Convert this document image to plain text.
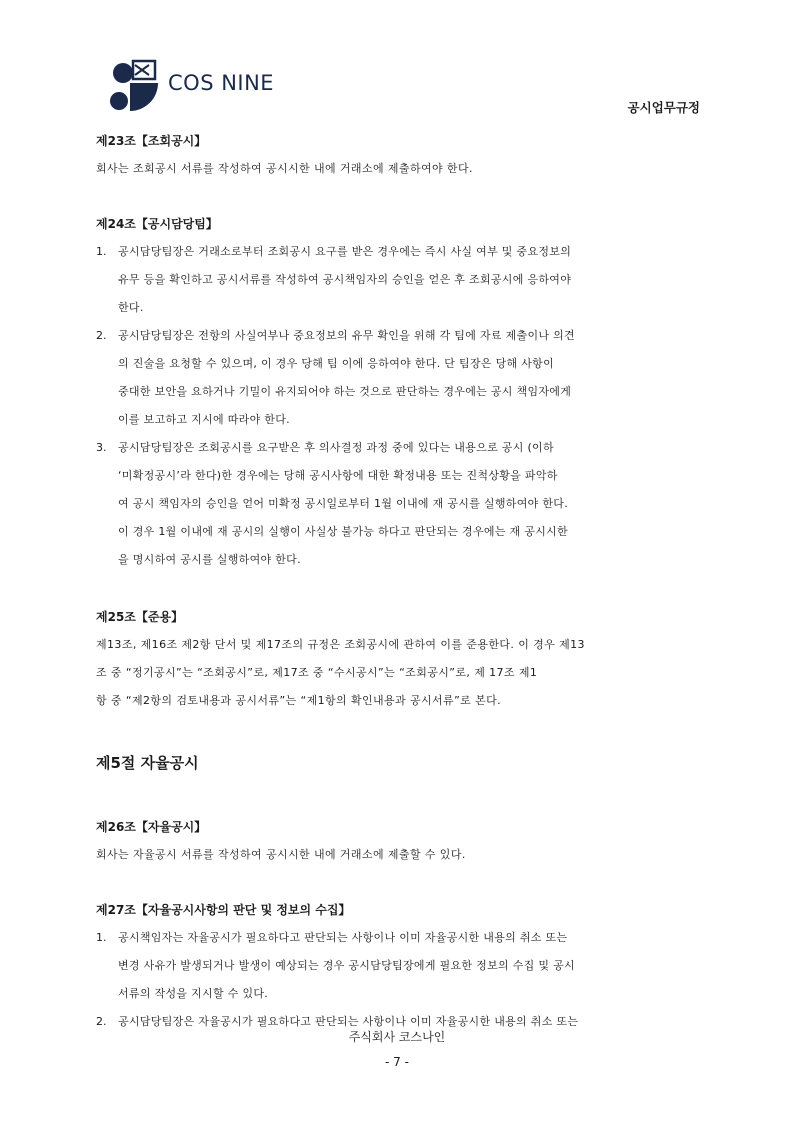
COS NINE
공시업무규정
제23조【조회공시】
회사는 조회공시 서류를 작성하여 공시시한 내에 거래소에 제출하여야 한다.
제24조【공시담당팀】
1. 공시담당팀장은 거래소로부터 조회공시 요구를 받은 경우에는 즉시 사실 여부 및 중요정보의
유무 등을 확인하고 공시서류를 작성하여 공시책임자의 승인을 얻은 후 조회공시에 응하여야
한다.
2. 공시담당팀장은 전항의 사실여부나 중요정보의 유무 확인을 위해 각 팀에 자료 제출이나 의견
의 진술을 요청할 수 있으며, 이 경우 당해 팀 이에 응하여야 한다. 단 팀장은 당해 사항이
중대한 보안을 요하거나 기밀이 유지되어야 하는 것으로 판단하는 경우에는 공시 책임자에게
이를 보고하고 지시에 따라야 한다.
3. 공시담당팀장은 조회공시를 요구받은 후 의사결정 과정 중에 있다는 내용으로 공시 (이하
‘미확정공시’라 한다)한 경우에는 당해 공시사항에 대한 확정내용 또는 진척상황을 파악하
여 공시 책임자의 승인을 얻어 미확정 공시일로부터 1월 이내에 재 공시를 실행하여야 한다.
이 경우 1월 이내에 재 공시의 실행이 사실상 불가능 하다고 판단되는 경우에는 재 공시시한
을 명시하여 공시를 실행하여야 한다.
제25조【준용】
제13조, 제16조 제2항 단서 및 제17조의 규정은 조회공시에 관하여 이를 준용한다. 이 경우 제13
조 중 “정기공시”는 “조회공시”로, 제17조 중 “수시공시”는 “조회공시”로, 제 17조 제1
항 중 “제2항의 검토내용과 공시서류”는 “제1항의 확인내용과 공시서류”로 본다.
제5절 자율공시
제26조【자율공시】
회사는 자율공시 서류를 작성하여 공시시한 내에 거래소에 제출할 수 있다.
제27조【자율공시사항의 판단 및 정보의 수집】
1. 공시책임자는 자율공시가 필요하다고 판단되는 사항이나 이미 자율공시한 내용의 취소 또는
변경 사유가 발생되거나 발생이 예상되는 경우 공시담당팀장에게 필요한 정보의 수집 및 공시
서류의 작성을 지시할 수 있다.
2. 공시담당팀장은 자율공시가 필요하다고 판단되는 사항이나 이미 자율공시한 내용의 취소 또는
주식회사 코스나인
- 7 -
